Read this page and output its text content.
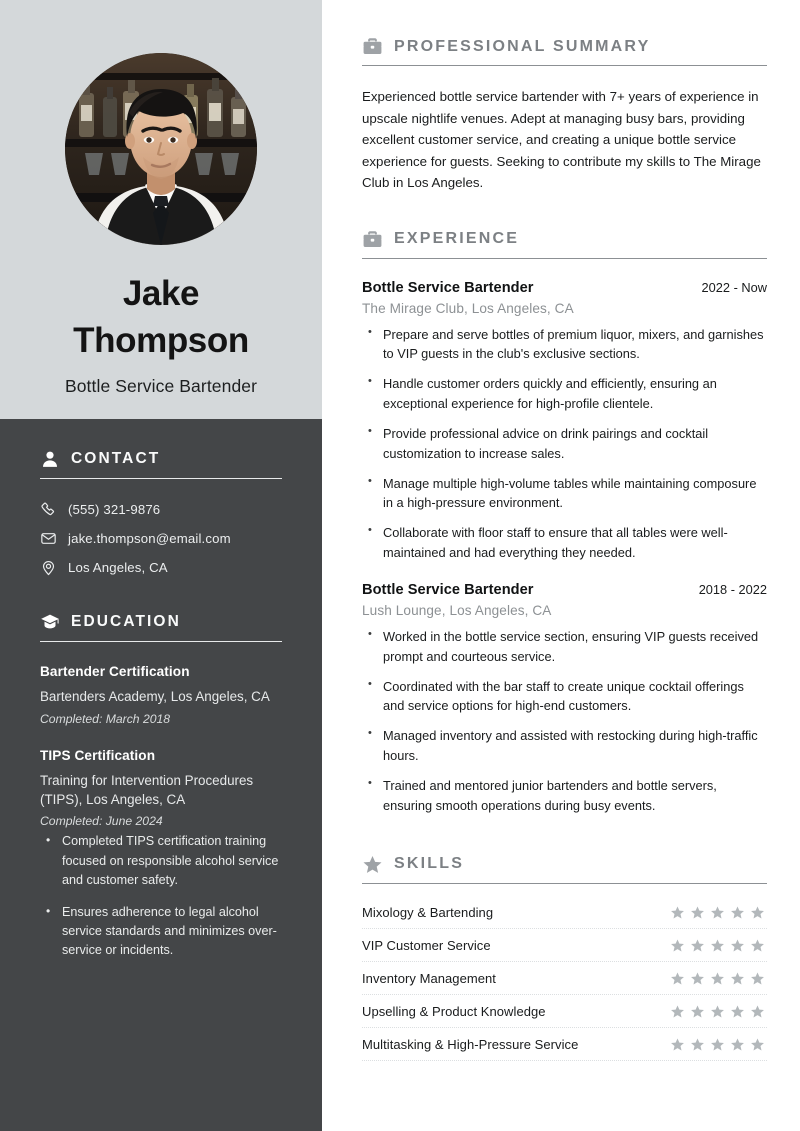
Jake
Thompson
Bottle Service Bartender
CONTACT
(555) 321-9876
jake.thompson@email.com
Los Angeles, CA
EDUCATION
Bartender Certification
Bartenders Academy, Los Angeles, CA
Completed: March 2018
TIPS Certification
Training for Intervention Procedures (TIPS), Los Angeles, CA
Completed: June 2024
• Completed TIPS certification training focused on responsible alcohol service and customer safety.
• Ensures adherence to legal alcohol service standards and minimizes over-service or incidents.
PROFESSIONAL SUMMARY

Experienced bottle service bartender with 7+ years of experience in upscale nightlife venues. Adept at managing busy bars, providing excellent customer service, and creating a unique bottle service experience for guests. Seeking to contribute my skills to The Mirage Club in Los Angeles.

EXPERIENCE
Bottle Service Bartender	2022 - Now
The Mirage Club, Los Angeles, CA
• Prepare and serve bottles of premium liquor, mixers, and garnishes to VIP guests in the club's exclusive sections.
• Handle customer orders quickly and efficiently, ensuring an exceptional experience for high-profile clientele.
• Provide professional advice on drink pairings and cocktail customization to increase sales.
• Manage multiple high-volume tables while maintaining composure in a high-pressure environment.
• Collaborate with floor staff to ensure that all tables were well-maintained and had everything they needed.
Bottle Service Bartender	2018 - 2022
Lush Lounge, Los Angeles, CA
• Worked in the bottle service section, ensuring VIP guests received prompt and courteous service.
• Coordinated with the bar staff to create unique cocktail offerings and service options for high-end customers.
• Managed inventory and assisted with restocking during high-traffic hours.
• Trained and mentored junior bartenders and bottle servers, ensuring smooth operations during busy events.
SKILLS
Mixology & Bartending
VIP Customer Service
Inventory Management
Upselling & Product Knowledge
Multitasking & High-Pressure Service
